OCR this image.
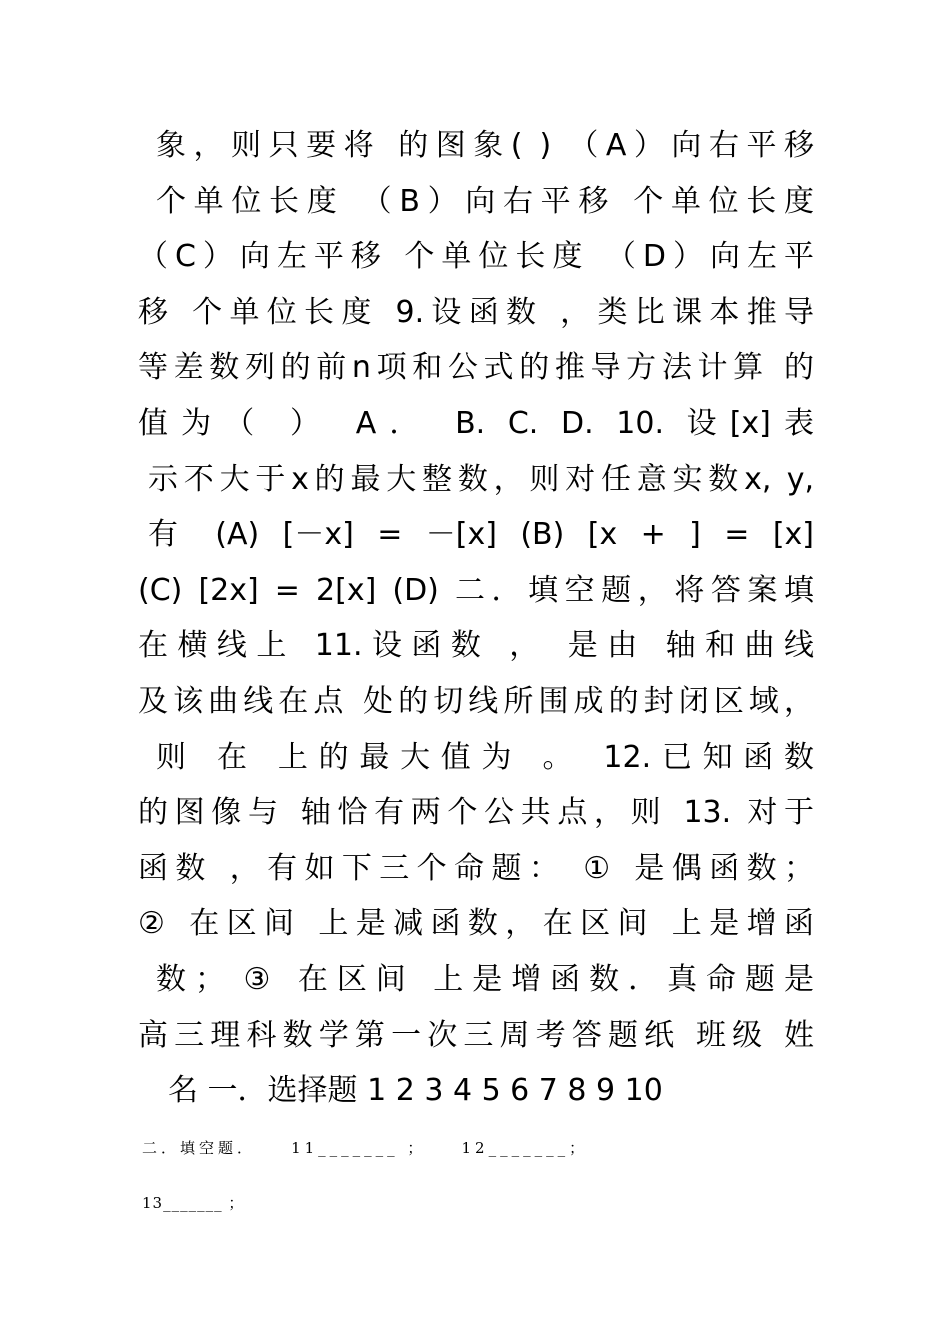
象，则只要将 的图象( ) （A）向右平移
个单位长度 （B）向右平移 个单位长度
（C）向左平移 个单位长度 （D）向左平
移 个单位长度 9.设函数 ，类比课本推导
等差数列的前n项和公式的推导方法计算 的
值为（ ） A． B. C. D. 10. 设[x]表
示不大于x的最大整数，则对任意实数x, y,
有 (A) [－x] = －[x] (B) [x + ] = [x]
(C) [2x] = 2[x] (D) 二．填空题，将答案填
在横线上 11.设函数 ， 是由 轴和曲线
及该曲线在点 处的切线所围成的封闭区域，
则 在 上的最大值为 。 12.已知函数
的图像与 轴恰有两个公共点，则 13. 对于
函数 ，有如下三个命题： ① 是偶函数；
② 在区间 上是减函数，在区间 上是增函
数； ③ 在区间 上是增函数．真命题是
高三理科数学第一次三周考答题纸 班级 姓
名 一．选择题 1 2 3 4 5 6 7 8 9 10
二．填空题．    11_______ ；    12_______；
13_______ ；
